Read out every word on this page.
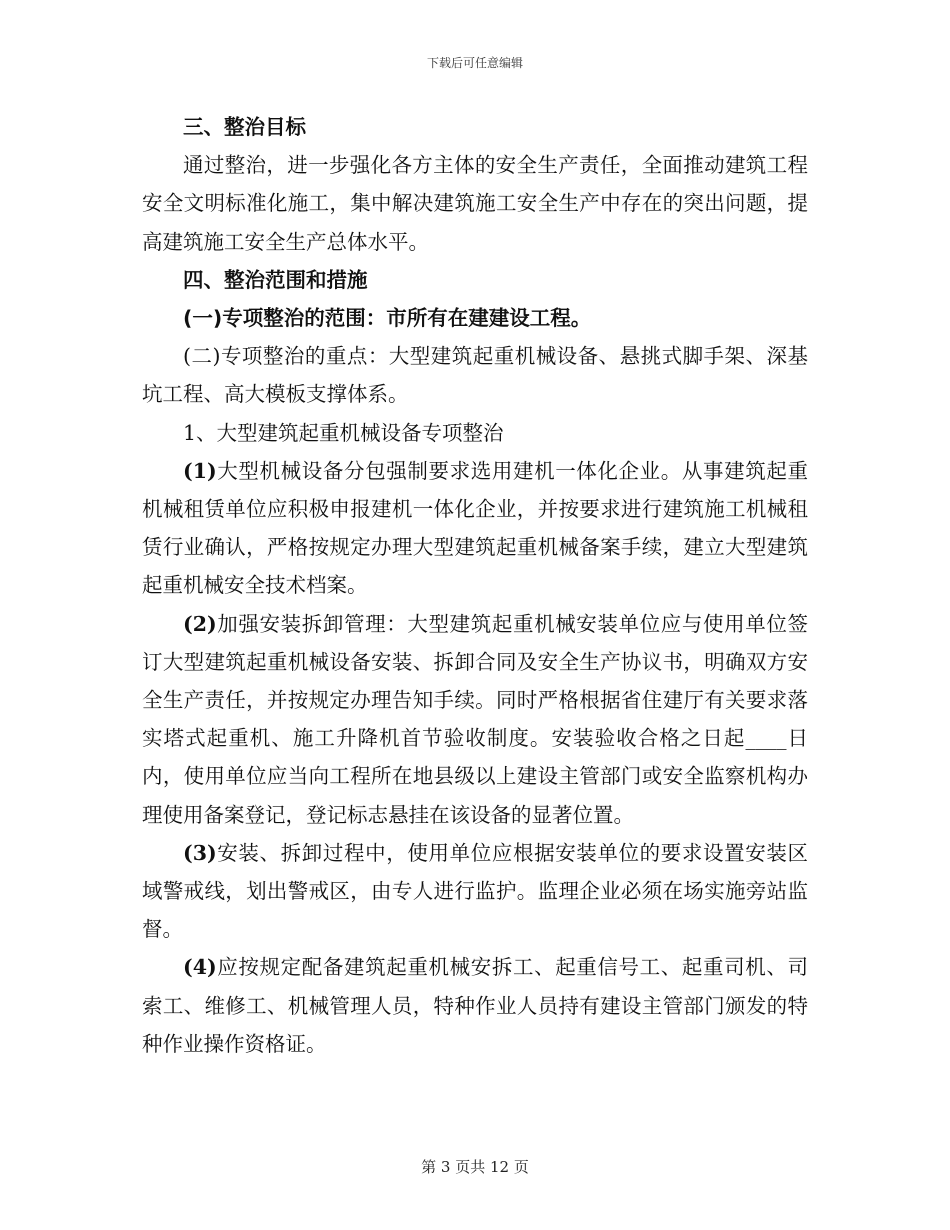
下载后可任意编辑

三、整治目标

通过整治，进一步强化各方主体的安全生产责任，全面推动建筑工程安全文明标准化施工，集中解决建筑施工安全生产中存在的突出问题，提高建筑施工安全生产总体水平。

四、整治范围和措施

(一)专项整治的范围：市所有在建建设工程。

(二)专项整治的重点：大型建筑起重机械设备、悬挑式脚手架、深基坑工程、高大模板支撑体系。

1、大型建筑起重机械设备专项整治

(1)大型机械设备分包强制要求选用建机一体化企业。从事建筑起重机械租赁单位应积极申报建机一体化企业，并按要求进行建筑施工机械租赁行业确认，严格按规定办理大型建筑起重机械备案手续，建立大型建筑起重机械安全技术档案。

(2)加强安装拆卸管理：大型建筑起重机械安装单位应与使用单位签订大型建筑起重机械设备安装、拆卸合同及安全生产协议书，明确双方安全生产责任，并按规定办理告知手续。同时严格根据省住建厅有关要求落实塔式起重机、施工升降机首节验收制度。安装验收合格之日起____日内，使用单位应当向工程所在地县级以上建设主管部门或安全监察机构办理使用备案登记，登记标志悬挂在该设备的显著位置。

(3)安装、拆卸过程中，使用单位应根据安装单位的要求设置安装区域警戒线，划出警戒区，由专人进行监护。监理企业必须在场实施旁站监督。

(4)应按规定配备建筑起重机械安拆工、起重信号工、起重司机、司索工、维修工、机械管理人员，特种作业人员持有建设主管部门颁发的特种作业操作资格证。

第 3 页共 12 页
